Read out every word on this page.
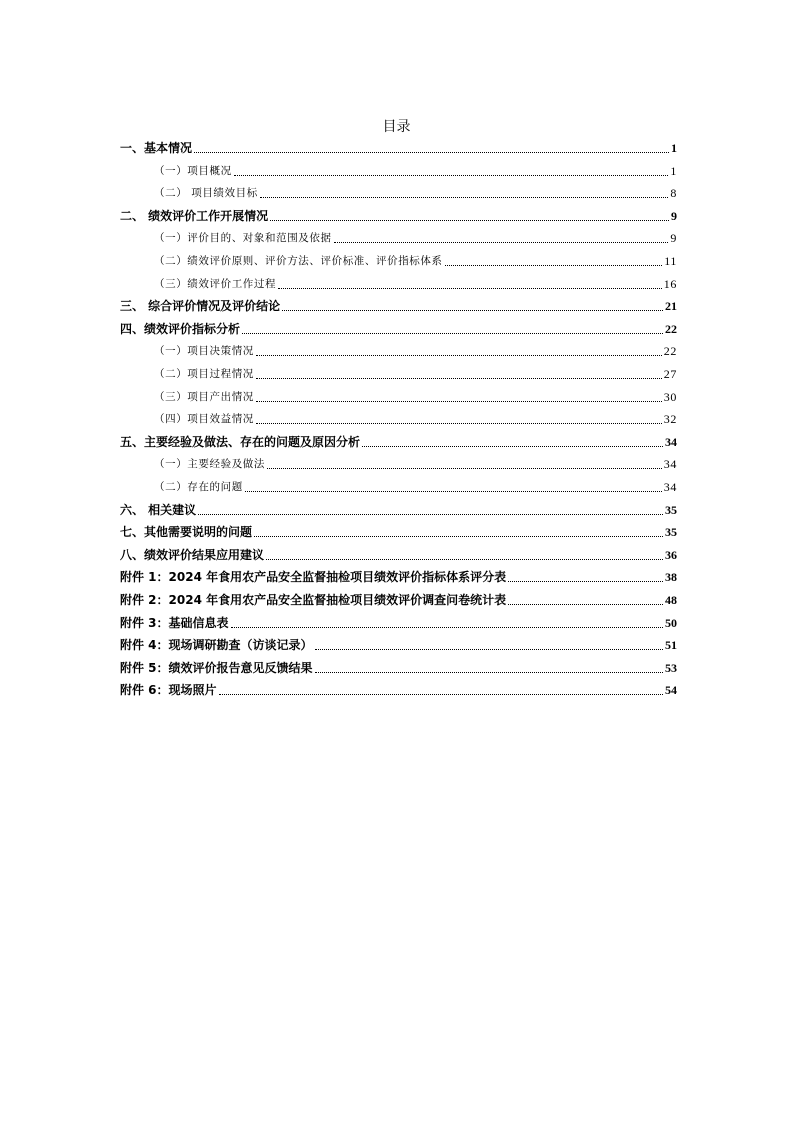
目录
一、基本情况	1
（一）项目概况	1
（二） 项目绩效目标	8
二、 绩效评价工作开展情况	9
（一）评价目的、对象和范围及依据	9
（二）绩效评价原则、评价方法、评价标准、评价指标体系	11
（三）绩效评价工作过程	16
三、 综合评价情况及评价结论	21
四、绩效评价指标分析	22
（一）项目决策情况	22
（二）项目过程情况	27
（三）项目产出情况	30
（四）项目效益情况	32
五、主要经验及做法、存在的问题及原因分析	34
（一）主要经验及做法	34
（二）存在的问题	34
六、 相关建议	35
七、其他需要说明的问题	35
八、绩效评价结果应用建议	36
附件 1：2024 年食用农产品安全监督抽检项目绩效评价指标体系评分表	38
附件 2：2024 年食用农产品安全监督抽检项目绩效评价调查问卷统计表	48
附件 3：基础信息表	50
附件 4：现场调研勘查（访谈记录）	51
附件 5：绩效评价报告意见反馈结果	53
附件 6：现场照片	54
